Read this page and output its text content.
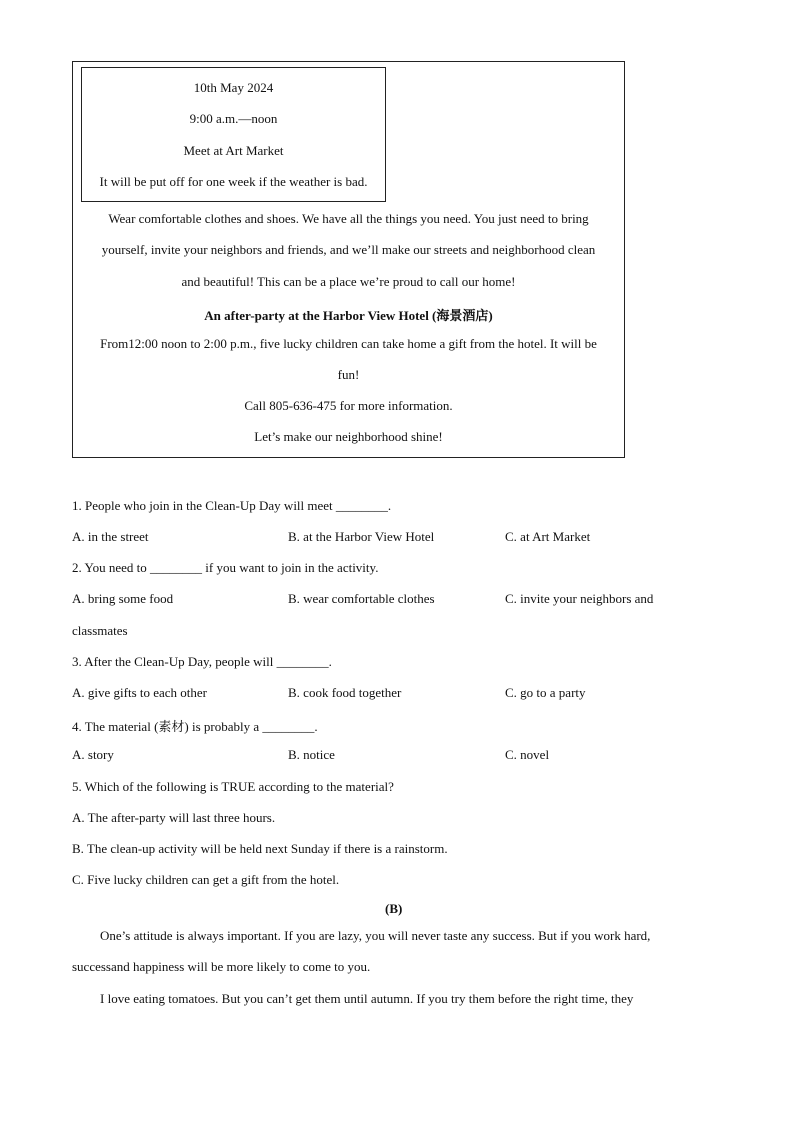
10th May 2024
9:00 a.m.—noon
Meet at Art Market
It will be put off for one week if the weather is bad.
Wear comfortable clothes and shoes. We have all the things you need. You just need to bring
yourself, invite your neighbors and friends, and we’ll make our streets and neighborhood clean
and beautiful! This can be a place we’re proud to call our home!
An after-party at the Harbor View Hotel (海景酒店)
From12:00 noon to 2:00 p.m., five lucky children can take home a gift from the hotel. It will be
fun!
Call 805-636-475 for more information.
Let’s make our neighborhood shine!
1. People who join in the Clean-Up Day will meet ________.
A. in the street	B. at the Harbor View Hotel	C. at Art Market
2. You need to ________ if you want to join in the activity.
A. bring some food	B. wear comfortable clothes	C. invite your neighbors and
classmates
3. After the Clean-Up Day, people will ________.
A. give gifts to each other	B. cook food together	C. go to a party
4. The material (素材) is probably a ________.
A. story	B. notice	C. novel
5. Which of the following is TRUE according to the material?
A. The after-party will last three hours.
B. The clean-up activity will be held next Sunday if there is a rainstorm.
C. Five lucky children can get a gift from the hotel.
(B)
One’s attitude is always important. If you are lazy, you will never taste any success. But if you work hard,
successand happiness will be more likely to come to you.
I love eating tomatoes. But you can’t get them until autumn. If you try them before the right time, they
